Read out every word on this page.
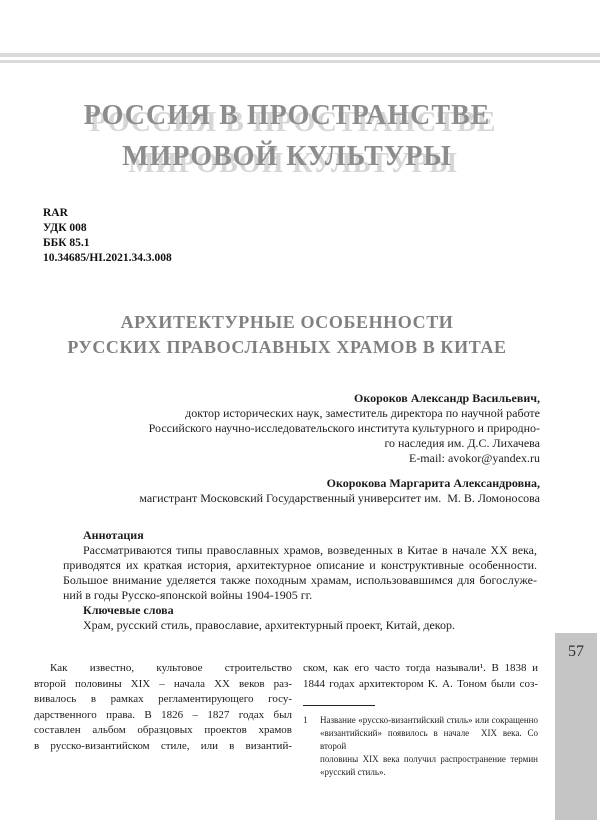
РОССИЯ В ПРОСТРАНСТВЕ
МИРОВОЙ КУЛЬТУРЫ
RAR
УДК 008
ББК 85.1
10.34685/HI.2021.34.3.008
АРХИТЕКТУРНЫЕ ОСОБЕННОСТИ
РУССКИХ ПРАВОСЛАВНЫХ ХРАМОВ В КИТАЕ
Окороков Александр Васильевич,
доктор исторических наук, заместитель директора по научной работе
Российского научно-исследовательского института культурного и природно-
го наследия им. Д.С. Лихачева
E-mail: avokor@yandex.ru
Окорокова Маргарита Александровна,
магистрант Московский Государственный университет им.  М. В. Ломоносова
Аннотация
Рассматриваются типы православных храмов, возведенных в Китае в начале XX века,
приводятся их краткая история, архитектурное описание и конструктивные особенности.
Большое внимание уделяется также походным храмам, использовавшимся для богослуже-
ний в годы Русско-японской войны 1904-1905 гг.
Ключевые слова
Храм, русский стиль, православие, архитектурный проект, Китай, декор.
Как известно, культовое строительство
второй половины XIX – начала XX веков раз-
вивалось в рамках регламентирующего госу-
дарственного права. В 1826 – 1827 годах был
составлен альбом образцовых проектов храмов
в русско-византийском стиле, или в византий-
ском, как его часто тогда называли¹. В 1838 и
1844 годах архитектором К. А. Тоном были соз-
1	Название «русско-византийский стиль» или сокращенно
«византийский» появилось в начале  XIX века. Со второй
половины XIX века получил распространение термин
«русский стиль».
57
